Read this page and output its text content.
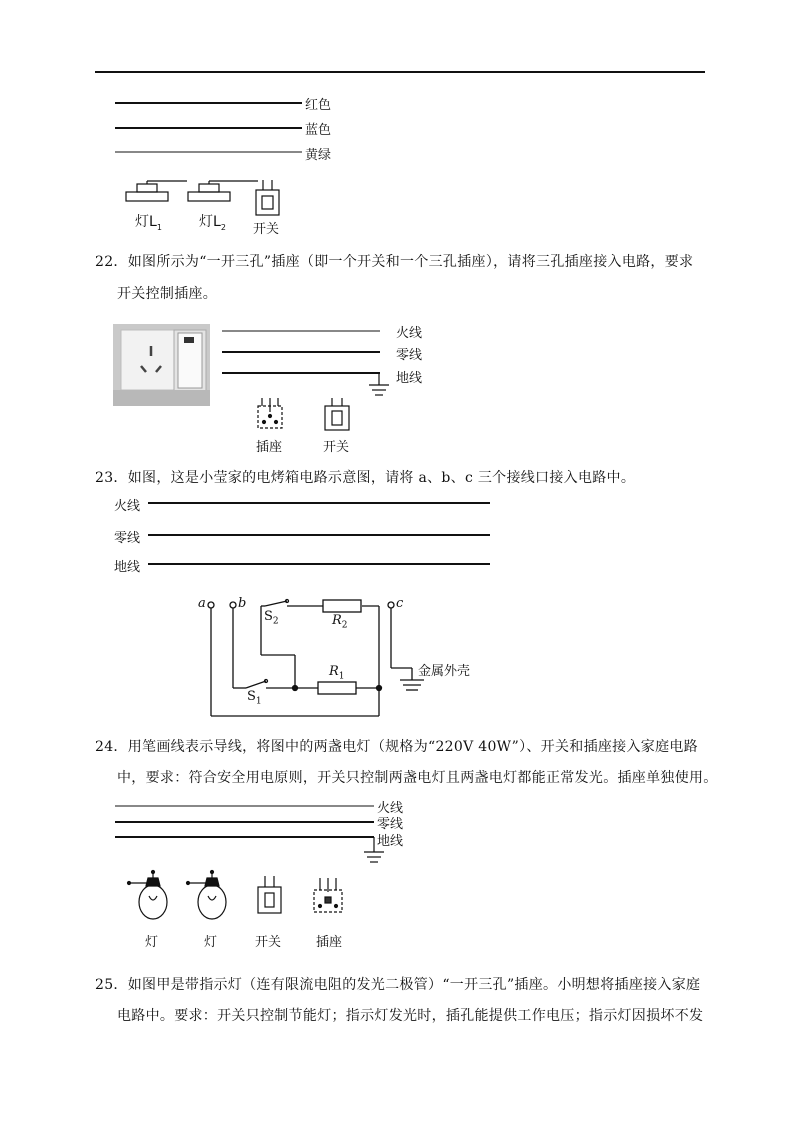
红色
蓝色
黄绿
灯$L_1$	灯$L_2$ 开关
22．如图所示为“一开三孔”插座（即一个开关和一个三孔插座），请将三孔插座接入电路，要求
开关控制插座。
火线
零线
地线
插座	开关
23．如图，这是小莹家的电烤箱电路示意图，请将 a、b、c 三个接线口接入电路中。
火线
零线
地线
a b	c
$S_2$	$R_2$
$R_1$
$S_1$
金属外壳
24．用笔画线表示导线，将图中的两盏电灯（规格为“220V 40W”）、开关和插座接入家庭电路
中，要求：符合安全用电原则，开关只控制两盏电灯且两盏电灯都能正常发光。插座单独使用。
火线
零线
地线
灯	灯	开关	插座
25．如图甲是带指示灯（连有限流电阻的发光二极管）“一开三孔”插座。小明想将插座接入家庭
电路中。要求：开关只控制节能灯；指示灯发光时，插孔能提供工作电压；指示灯因损坏不发
